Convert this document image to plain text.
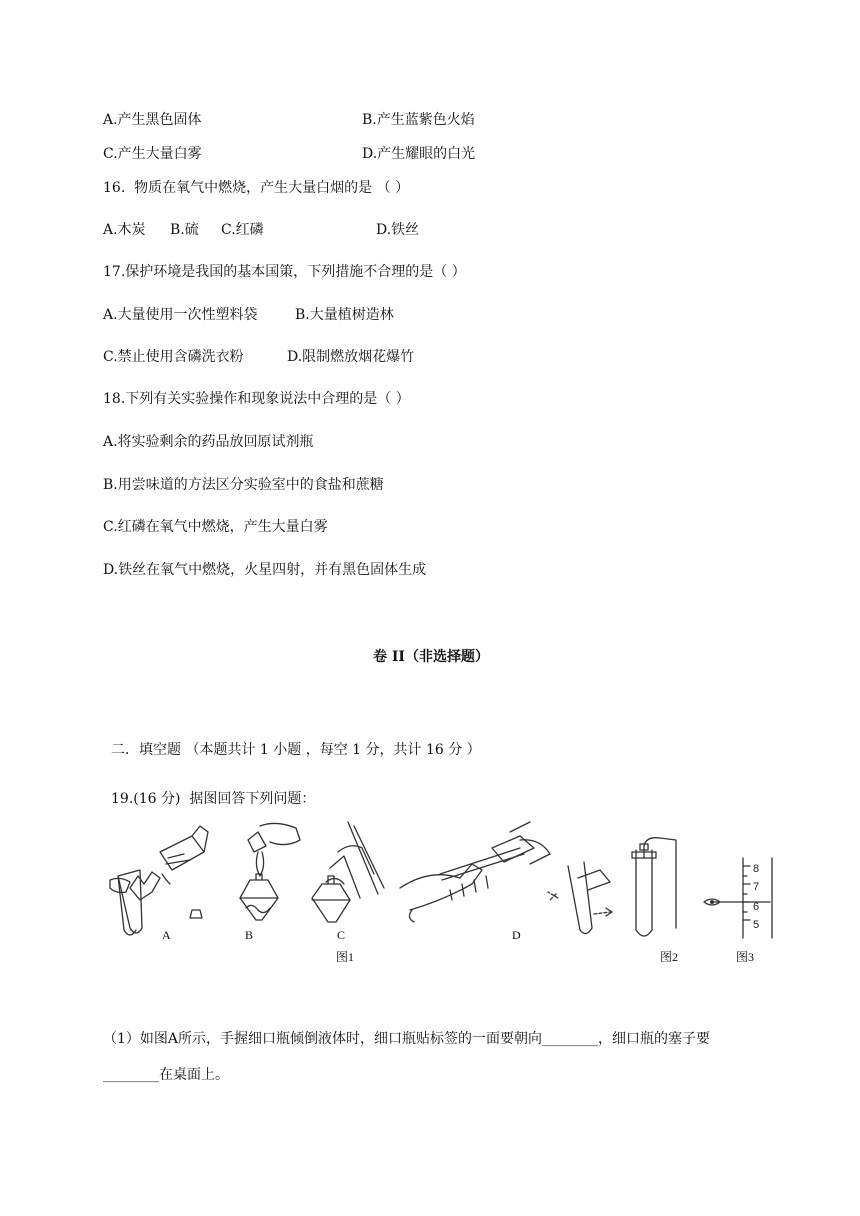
A.产生黑色固体	B.产生蓝紫色火焰
C.产生大量白雾	D.产生耀眼的白光
16.  物质在氧气中燃烧，产生大量白烟的是 （ ）
A.木炭 B.硫 C.红磷	D.铁丝
17.保护环境是我国的基本国策，下列措施不合理的是（ ）
A.大量使用一次性塑料袋	B.大量植树造林
C.禁止使用含磷洗衣粉	D.限制燃放烟花爆竹
18.下列有关实验操作和现象说法中合理的是（ ）
A.将实验剩余的药品放回原试剂瓶
B.用尝味道的方法区分实验室中的食盐和蔗糖
C.红磷在氧气中燃烧，产生大量白雾
D.铁丝在氧气中燃烧，火星四射，并有黑色固体生成
卷 II（非选择题）
二．填空题 （本题共计 1 小题 ，每空 1 分，共计 16 分 ）
19.(16 分)  据图回答下列问题：
8
7
6
5
A	B	C	D
图1	图2	图3
（1）如图A所示，手握细口瓶倾倒液体时，细口瓶贴标签的一面要朝向________，细口瓶的塞子要
________在桌面上。
